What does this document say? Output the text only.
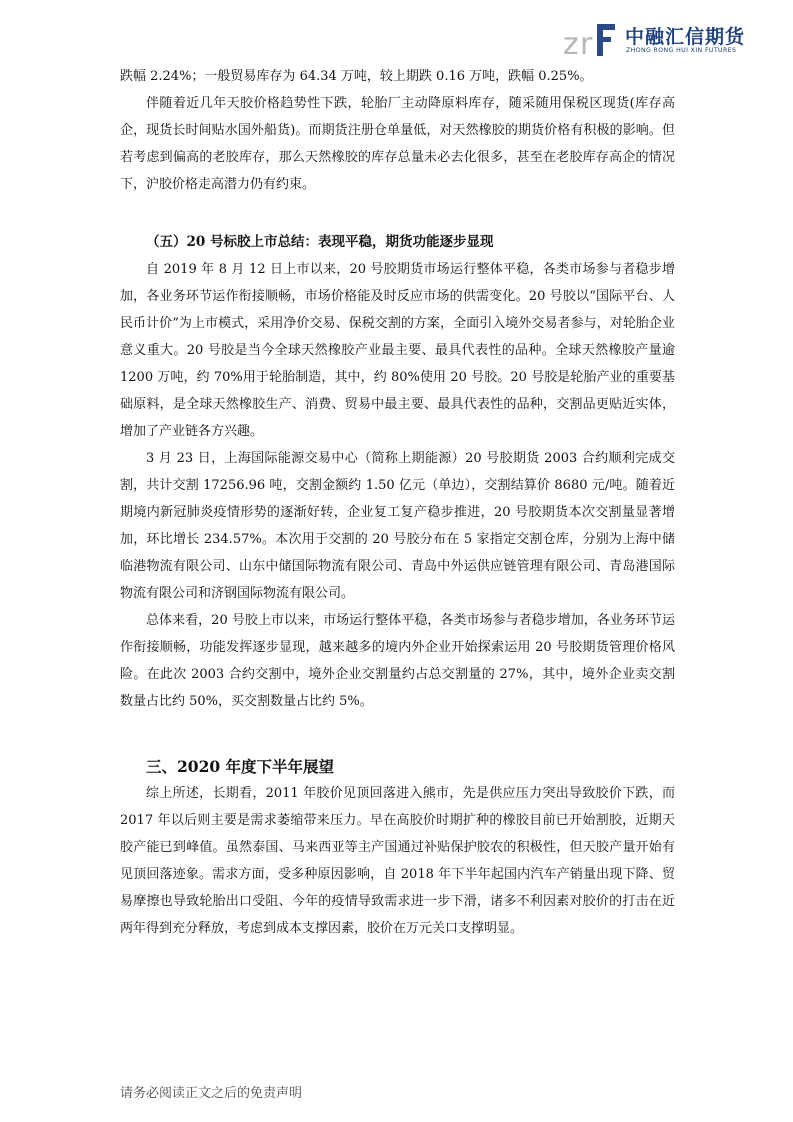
z r 中融汇信期货
ZHONG RONG HUI XIN FUTURES

跌幅 2.24%；一般贸易库存为 64.34 万吨，较上期跌 0.16 万吨，跌幅 0.25%。

伴随着近几年天胶价格趋势性下跌，轮胎厂主动降原料库存，随采随用保税区现货(库存高企，现货长时间贴水国外船货)。而期货注册仓单量低，对天然橡胶的期货价格有积极的影响。但若考虑到偏高的老胶库存，那么天然橡胶的库存总量未必去化很多，甚至在老胶库存高企的情况下，沪胶价格走高潜力仍有约束。

（五）20 号标胶上市总结：表现平稳，期货功能逐步显现

自 2019 年 8 月 12 日上市以来，20 号胶期货市场运行整体平稳，各类市场参与者稳步增加，各业务环节运作衔接顺畅，市场价格能及时反应市场的供需变化。20 号胶以“国际平台、人民币计价”为上市模式，采用净价交易、保税交割的方案，全面引入境外交易者参与，对轮胎企业意义重大。20 号胶是当今全球天然橡胶产业最主要、最具代表性的品种。全球天然橡胶产量逾 1200 万吨，约 70%用于轮胎制造，其中，约 80%使用 20 号胶。20 号胶是轮胎产业的重要基础原料，是全球天然橡胶生产、消费、贸易中最主要、最具代表性的品种，交割品更贴近实体，增加了产业链各方兴趣。

3 月 23 日，上海国际能源交易中心（简称上期能源）20 号胶期货 2003 合约顺利完成交割，共计交割 17256.96 吨，交割金额约 1.50 亿元（单边），交割结算价 8680 元/吨。随着近期境内新冠肺炎疫情形势的逐渐好转，企业复工复产稳步推进，20 号胶期货本次交割量显著增加，环比增长 234.57%。本次用于交割的 20 号胶分布在 5 家指定交割仓库，分别为上海中储临港物流有限公司、山东中储国际物流有限公司、青岛中外运供应链管理有限公司、青岛港国际物流有限公司和济钢国际物流有限公司。

总体来看，20 号胶上市以来，市场运行整体平稳，各类市场参与者稳步增加，各业务环节运作衔接顺畅，功能发挥逐步显现，越来越多的境内外企业开始探索运用 20 号胶期货管理价格风险。在此次 2003 合约交割中，境外企业交割量约占总交割量的 27%，其中，境外企业卖交割数量占比约 50%，买交割数量占比约 5%。

三、2020 年度下半年展望

综上所述，长期看，2011 年胶价见顶回落进入熊市，先是供应压力突出导致胶价下跌，而 2017 年以后则主要是需求萎缩带来压力。早在高胶价时期扩种的橡胶目前已开始割胶，近期天胶产能已到峰值。虽然泰国、马来西亚等主产国通过补贴保护胶农的积极性，但天胶产量开始有见顶回落迹象。需求方面，受多种原因影响，自 2018 年下半年起国内汽车产销量出现下降、贸易摩擦也导致轮胎出口受阻、今年的疫情导致需求进一步下滑，诸多不利因素对胶价的打击在近两年得到充分释放，考虑到成本支撑因素，胶价在万元关口支撑明显。

请务必阅读正文之后的免责声明
